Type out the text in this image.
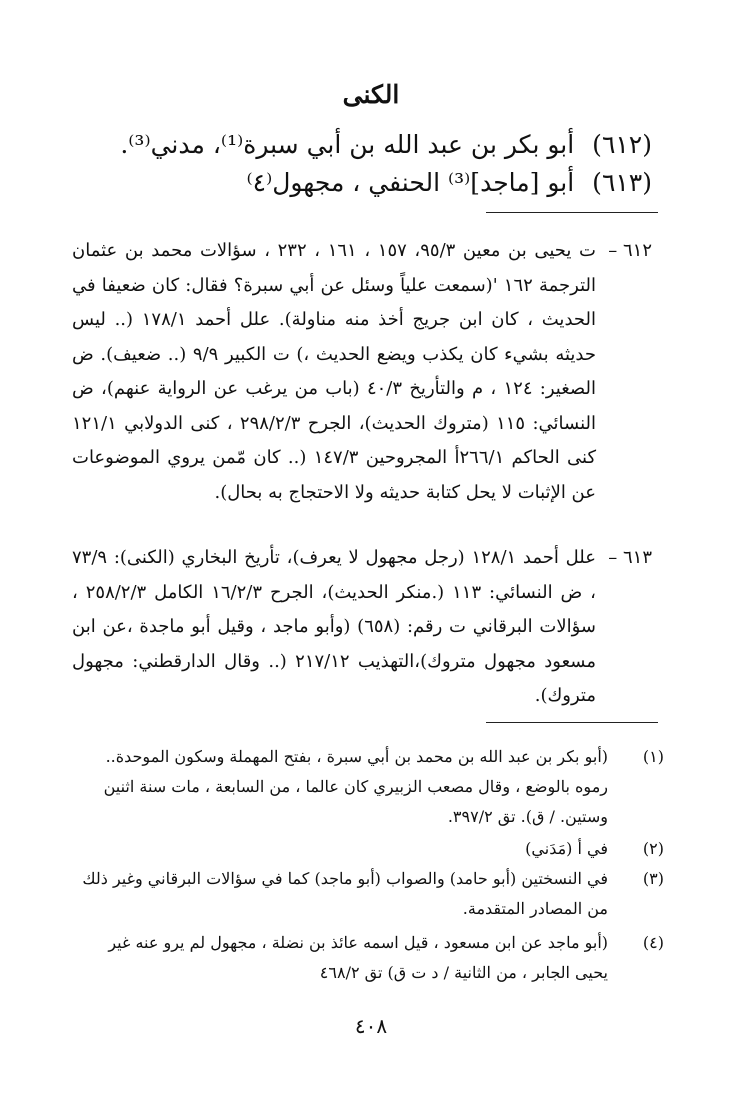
الكنى
(٦١٢)أبو بكر بن عبد الله بن أبي سبرة⁽¹⁾، مدني⁽³⁾.
(٦١٣)أبو [ماجد]⁽³⁾ الحنفي ، مجهول⁽٤⁾
٦١٢ –
ت يحيى بن معين ٩٥/٣، ١٥٧ ، ١٦١ ، ٢٣٢ ، سؤالات محمد بن عثمان الترجمة ١٦٢ '(سمعت علياً وسئل عن أبي سبرة؟ فقال: كان ضعيفا في الحديث ، كان ابن جريج أخذ منه مناولة). علل أحمد ١٧٨/١ (.. ليس حديثه بشيء كان يكذب ويضع الحديث ،) ت الكبير ٩/٩ (.. ضعيف). ض الصغير: ١٢٤ ، م والتأريخ ٤٠/٣ (باب من يرغب عن الرواية عنهم)، ض النسائي: ١١٥ (متروك الحديث)، الجرح ٢٩٨/٢/٣ ، كنى الدولابي ١٢١/١ كنى الحاكم ٢٦٦/١أ المجروحين ١٤٧/٣ (.. كان مّمن يروي الموضوعات عن الإثبات لا يحل كتابة حديثه ولا الاحتجاج به بحال).
٦١٣ –
علل أحمد ١٢٨/١ (رجل مجهول لا يعرف)، تأريخ البخاري (الكنى): ٧٣/٩ ، ض النسائي: ١١٣ (.منكر الحديث)، الجرح ١٦/٢/٣ الكامل ٢٥٨/٢/٣ ، سؤالات البرقاني ت رقم: (٦٥٨) (وأبو ماجد ، وقيل أبو ماجدة ،عن ابن مسعود مجهول متروك)،التهذيب ٢١٧/١٢ (.. وقال الدارقطني: مجهول متروك).
(١)
(أبو بكر بن عبد الله بن محمد بن أبي سبرة ، بفتح المهملة وسكون الموحدة.. رموه بالوضع ، وقال مصعب الزبيري كان عالما ، من السابعة ، مات سنة اثنين وستين. / ق). تق ٣٩٧/٢.
(٢)
في أ (مَدَني)
(٣)
في النسختين (أبو حامد) والصواب (أبو ماجد) كما في سؤالات البرقاني وغير ذلك من المصادر المتقدمة.
(٤)
(أبو ماجد عن ابن مسعود ، قيل اسمه عائذ بن نضلة ، مجهول لم يرو عنه غير يحيى الجابر ، من الثانية / د ت ق) تق ٤٦٨/٢
٤٠٨
